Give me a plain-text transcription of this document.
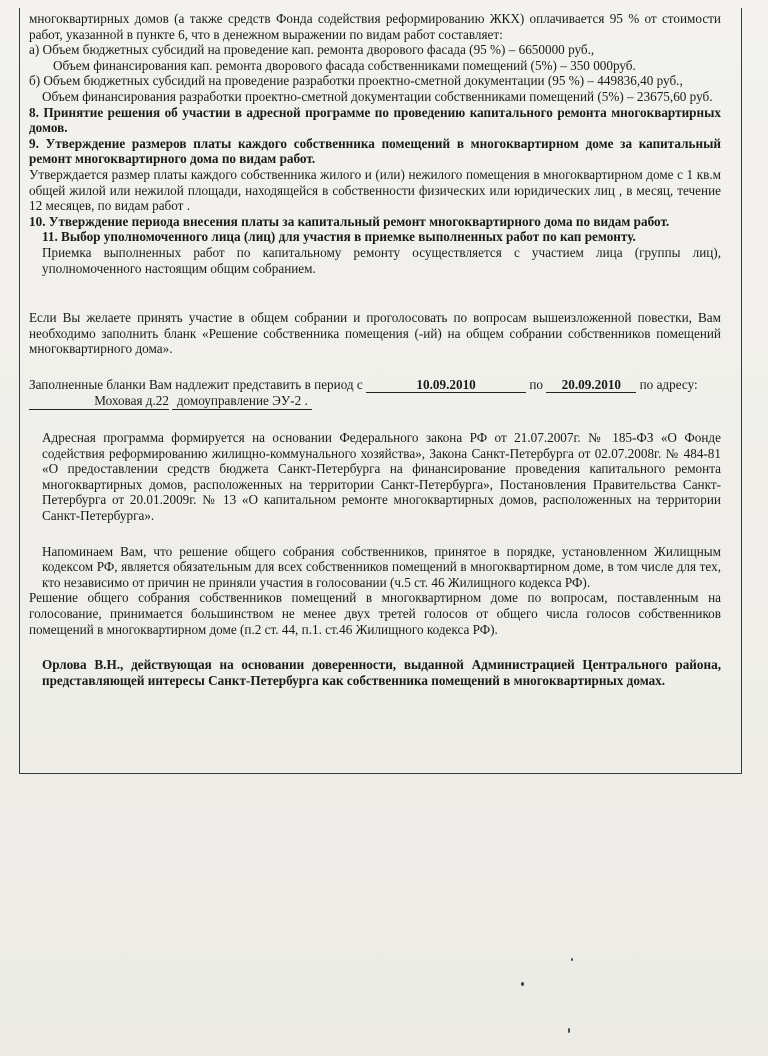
многоквартирных домов (а также средств Фонда содействия реформированию ЖКХ) оплачивается 95 % от стоимости работ, указанной в пункте 6, что в денежном выражении по видам работ составляет:

а) Объем бюджетных субсидий на проведение кап. ремонта дворового фасада (95 %) – 6650000 руб.,

Объем финансирования кап. ремонта дворового фасада собственниками помещений (5%) – 350 000руб.

б) Объем бюджетных субсидий на проведение разработки проектно-сметной документации (95 %) – 449836,40 руб.,

Объем финансирования разработки проектно-сметной документации собственниками помещений (5%) – 23675,60 руб.

8. Принятие решения об участии в адресной программе по проведению капитального ремонта многоквартирных домов.

9. Утверждение размеров платы каждого собственника помещений в многоквартирном доме за капитальный ремонт многоквартирного дома по видам работ.

Утверждается размер платы каждого собственника жилого и (или) нежилого помещения в многоквартирном доме с 1 кв.м общей жилой или нежилой площади, находящейся в собственности физических или юридических лиц , в месяц, течение 12 месяцев, по видам работ .

10. Утверждение периода внесения платы за капитальный ремонт многоквартирного дома по видам работ.

11. Выбор уполномоченного лица (лиц) для участия в приемке выполненных работ по кап ремонту.

Приемка выполненных работ по капитальному ремонту осуществляется с участием лица (группы лиц), уполномоченного настоящим общим собранием.

Если Вы желаете принять участие в общем собрании и проголосовать по вопросам вышеизложенной повестки, Вам необходимо заполнить бланк «Решение собственника помещения (-ий) на общем собрании собственников помещений многоквартирного дома».

Заполненные бланки Вам надлежит представить в период с	10.09.2010	по 20.09.2010 по адресу:

Моховая д.22 домоуправление ЭУ-2 .

Адресная программа формируется на основании Федерального закона РФ от 21.07.2007г. № 185-ФЗ «О Фонде содействия реформированию жилищно-коммунального хозяйства», Закона Санкт-Петербурга от 02.07.2008г. № 484-81 «О предоставлении средств бюджета Санкт-Петербурга на финансирование проведения капитального ремонта многоквартирных домов, расположенных на территории Санкт-Петербурга», Постановления Правительства Санкт-Петербурга от 20.01.2009г. № 13 «О капитальном ремонте многоквартирных домов, расположенных на территории Санкт-Петербурга».

Напоминаем Вам, что решение общего собрания собственников, принятое в порядке, установленном Жилищным кодексом РФ, является обязательным для всех собственников помещений в многоквартирном доме, в том числе для тех, кто независимо от причин не приняли участия в голосовании (ч.5 ст. 46 Жилищного кодекса РФ).

Решение общего собрания собственников помещений в многоквартирном доме по вопросам, поставленным на голосование, принимается большинством не менее двух третей голосов от общего числа голосов собственников помещений в многоквартирном доме (п.2 ст. 44, п.1. ст.46 Жилищного кодекса РФ).

Орлова В.Н., действующая на основании доверенности, выданной Администрацией Центрального района, представляющей интересы Санкт-Петербурга как собственника помещений в многоквартирных домах.
